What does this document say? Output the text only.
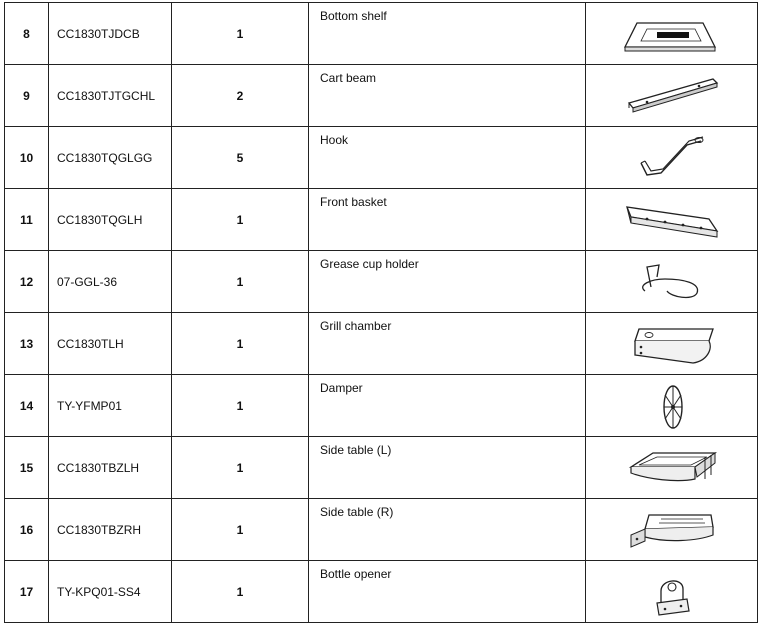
8	CC1830TJDCB	1	Bottom shelf	

9	CC1830TJTGCHL	2	Cart beam	

10	CC1830TQGLGG	5	Hook	

11	CC1830TQGLH	1	Front basket	

12	07-GGL-36	1	Grease cup holder	

13	CC1830TLH	1	Grill chamber	

14	TY-YFMP01	1	Damper	

15	CC1830TBZLH	1	Side table (L)	

16	CC1830TBZRH	1	Side table (R)	

17	TY-KPQ01-SS4	1	Bottle opener	
